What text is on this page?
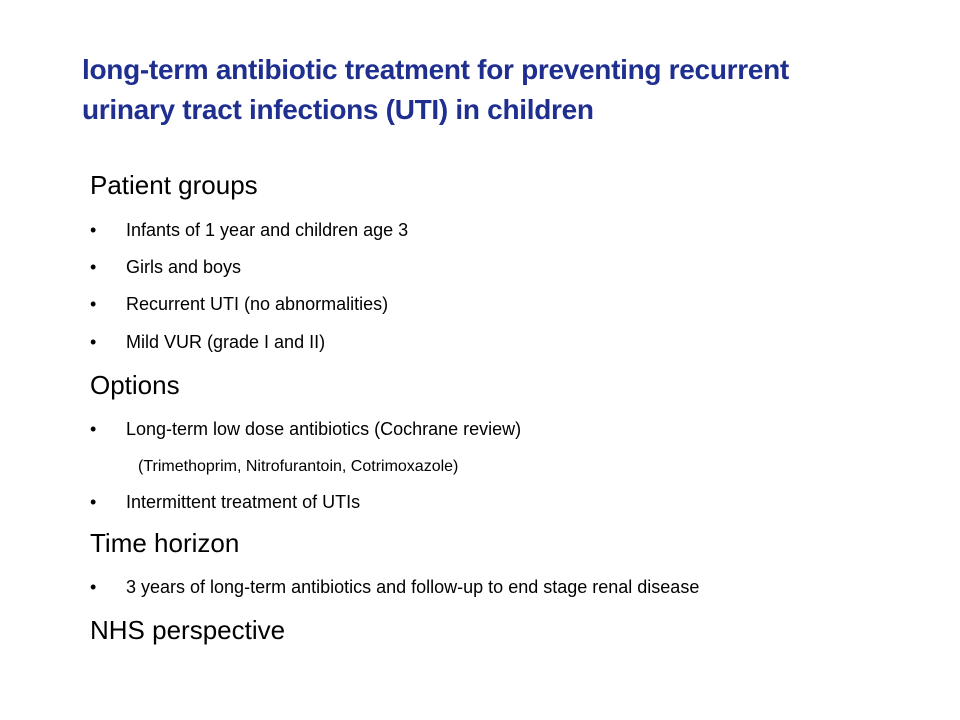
long-term antibiotic treatment for preventing recurrent
urinary tract infections (UTI) in children
Patient groups
• Infants of 1 year and children age 3
• Girls and boys
• Recurrent UTI (no abnormalities)
• Mild VUR (grade I and II)
Options
• Long-term low dose antibiotics (Cochrane review)
(Trimethoprim, Nitrofurantoin, Cotrimoxazole)
• Intermittent treatment of UTIs
Time horizon
• 3 years of long-term antibiotics and follow-up to end stage renal disease
NHS perspective
